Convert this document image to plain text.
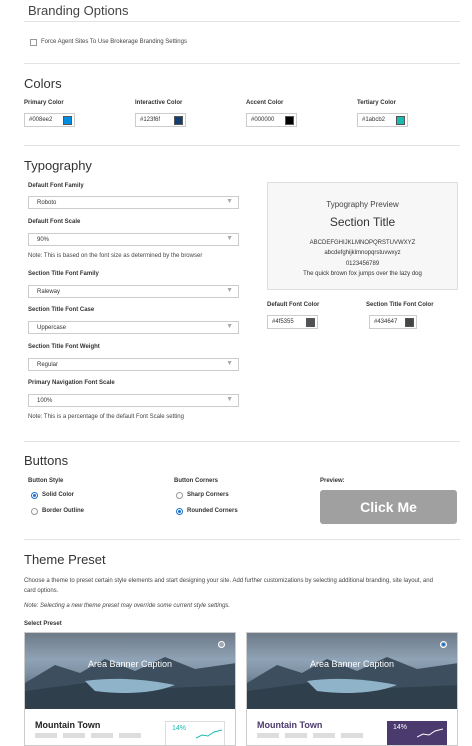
Branding Options
Force Agent Sites To Use Brokerage Branding Settings
Colors
Primary Color
#008ee2
Interactive Color
#123f6f
Accent Color
#000000
Tertiary Color
#1abcb2
Typography
Default Font Family
Roboto	▼
Default Font Scale
90%	▼
Note: This is based on the font size as determined by the browser
Section Title Font Family
Raleway	▼
Section Title Font Case
Uppercase	▼
Section Title Font Weight
Regular	▼
Primary Navigation Font Scale
100%	▼
Note: This is a percentage of the default Font Scale setting
Typography Preview
Section Title
ABCDEFGHIJKLMNOPQRSTUVWXYZ
abcdefghijklmnopqrstuvwxyz
0123456789
The quick brown fox jumps over the lazy dog
Default Font Color
#4f5355
Section Title Font Color
#434647
Buttons
Button Style
Solid Color
Border Outline
Button Corners
Sharp Corners
Rounded Corners
Preview:
Click Me
Theme Preset
Choose a theme to preset certain style elements and start designing your site. Add further customizations by selecting additional branding, site layout, and card options.
Note: Selecting a new theme preset may override some current style settings.
Select Preset
Area Banner Caption
Mountain Town	14%
Area Banner Caption
Mountain Town	14%
